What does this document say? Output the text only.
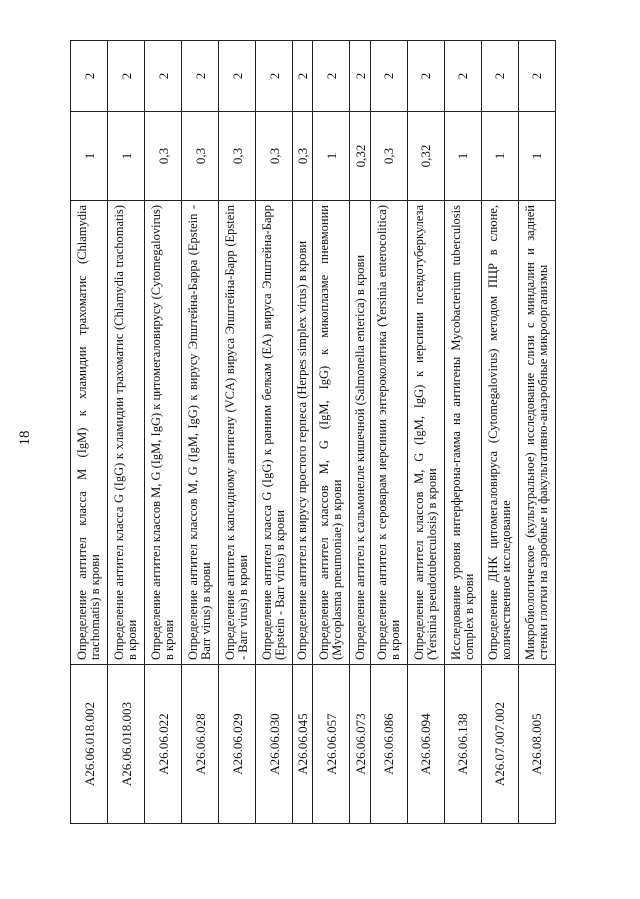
18
A26.06.018.002	Определение антител класса M (IgM) к хламидии трахоматис (Chlamydia trachomatis) в крови	1	2
A26.06.018.003	Определение антител класса G (IgG) к хламидии трахоматис (Chlamydia trachomatis) в крови	1	2
A26.06.022	Определение антител классов M, G (IgM, IgG) к цитомегаловирусу (Cytomegalovirus) в крови	0,3	2
A26.06.028	Определение антител классов M, G (IgM, IgG) к вирусу Эпштейна-Барра (Epstein - Barr virus) в крови	0,3	2
A26.06.029	Определение антител к капсидному антигену (VCA) вируса Эпштейна-Барр (Epstein - Barr virus) в крови	0,3	2
A26.06.030	Определение антител класса G (IgG) к ранним белкам (EA) вируса Эпштейна-Барр (Epstein - Barr virus) в крови	0,3	2
A26.06.045	Определение антител к вирусу простого герпеса (Herpes simplex virus) в крови	0,3	2
A26.06.057	Определение антител классов M, G (IgM, IgG) к микоплазме пневмонии (Mycoplasma pneumoniae) в крови	1	2
A26.06.073	Определение антител к сальмонелле кишечной (Salmonella enterica) в крови	0,32	2
A26.06.086	Определение антител к сероварам иерсинии энтероколитика (Yersinia enterocolitica) в крови	0,3	2
A26.06.094	Определение антител классов M, G (IgM, IgG) к иерсинии псевдотуберкулеза (Yersinia pseudotuberculosis) в крови	0,32	2
A26.06.138	Исследование уровня интерферона-гамма на антигены Mycobacterium tuberculosis complex в крови	1	2
A26.07.007.002	Определение ДНК цитомегаловируса (Cytomegalovirus) методом ПЦР в слюне, количественное исследование	1	2
A26.08.005	Микробиологическое (культуральное) исследование слизи с миндалин и задней стенки глотки на аэробные и факультативно-анаэробные микроорганизмы	1	2
